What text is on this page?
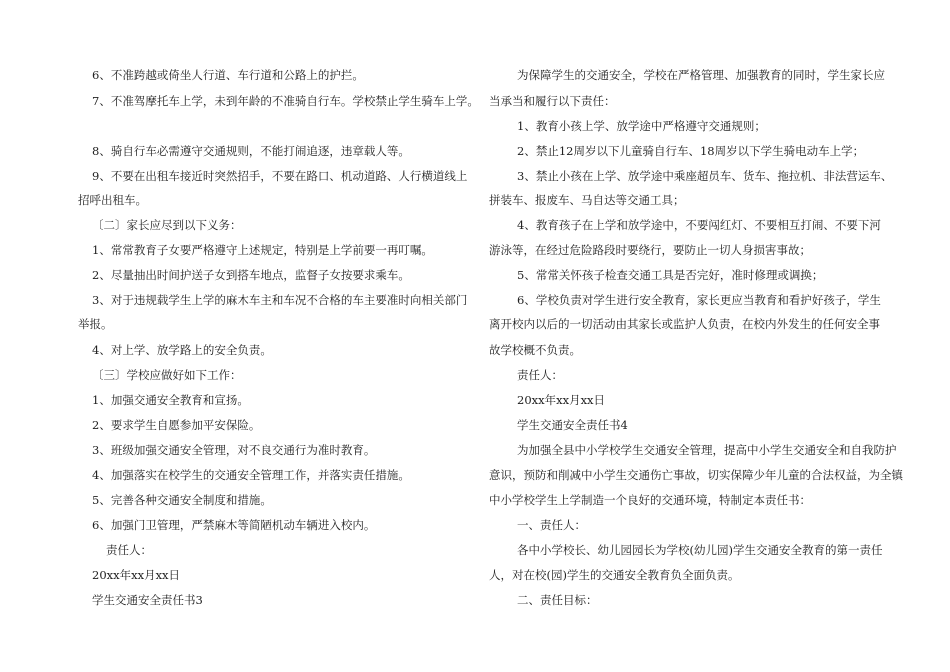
6、不准跨越或倚坐人行道、车行道和公路上的护拦。
7、不准驾摩托车上学，未到年龄的不准骑自行车。学校禁止学生骑车上学。
8、骑自行车必需遵守交通规则，不能打闹追逐，违章载人等。
9、不要在出租车接近时突然招手，不要在路口、机动道路、人行横道线上
招呼出租车。
〔二〕家长应尽到以下义务：
1、常常教育子女要严格遵守上述规定，特别是上学前要一再叮嘱。
2、尽量抽出时间护送子女到搭车地点，监督子女按要求乘车。
3、对于违规载学生上学的麻木车主和车况不合格的车主要准时向相关部门
举报。
4、对上学、放学路上的安全负责。
〔三〕学校应做好如下工作：
1、加强交通安全教育和宣扬。
2、要求学生自愿参加平安保险。
3、班级加强交通安全管理，对不良交通行为准时教育。
4、加强落实在校学生的交通安全管理工作，并落实责任措施。
5、完善各种交通安全制度和措施。
6、加强门卫管理，严禁麻木等简陋机动车辆进入校内。
责任人：
20xx年xx月xx日
学生交通安全责任书3
为保障学生的交通安全，学校在严格管理、加强教育的同时，学生家长应
当承当和履行以下责任：
1、教育小孩上学、放学途中严格遵守交通规则；
2、禁止12周岁以下儿童骑自行车、18周岁以下学生骑电动车上学；
3、禁止小孩在上学、放学途中乘座超员车、货车、拖拉机、非法营运车、
拼装车、报废车、马自达等交通工具；
4、教育孩子在上学和放学途中，不要闯红灯、不要相互打闹、不要下河
游泳等，在经过危险路段时要绕行，要防止一切人身损害事故；
5、常常关怀孩子检查交通工具是否完好，准时修理或调换；
6、学校负责对学生进行安全教育，家长更应当教育和看护好孩子，学生
离开校内以后的一切活动由其家长或监护人负责，在校内外发生的任何安全事
故学校概不负责。
责任人：
20xx年xx月xx日
学生交通安全责任书4
为加强全县中小学校学生交通安全管理，提高中小学生交通安全和自我防护
意识，预防和削减中小学生交通伤亡事故，切实保障少年儿童的合法权益，为全镇
中小学校学生上学制造一个良好的交通环境，特制定本责任书：
一、责任人：
各中小学校长、幼儿园园长为学校(幼儿园)学生交通安全教育的第一责任
人，对在校(园)学生的交通安全教育负全面负责。
二、责任目标：
